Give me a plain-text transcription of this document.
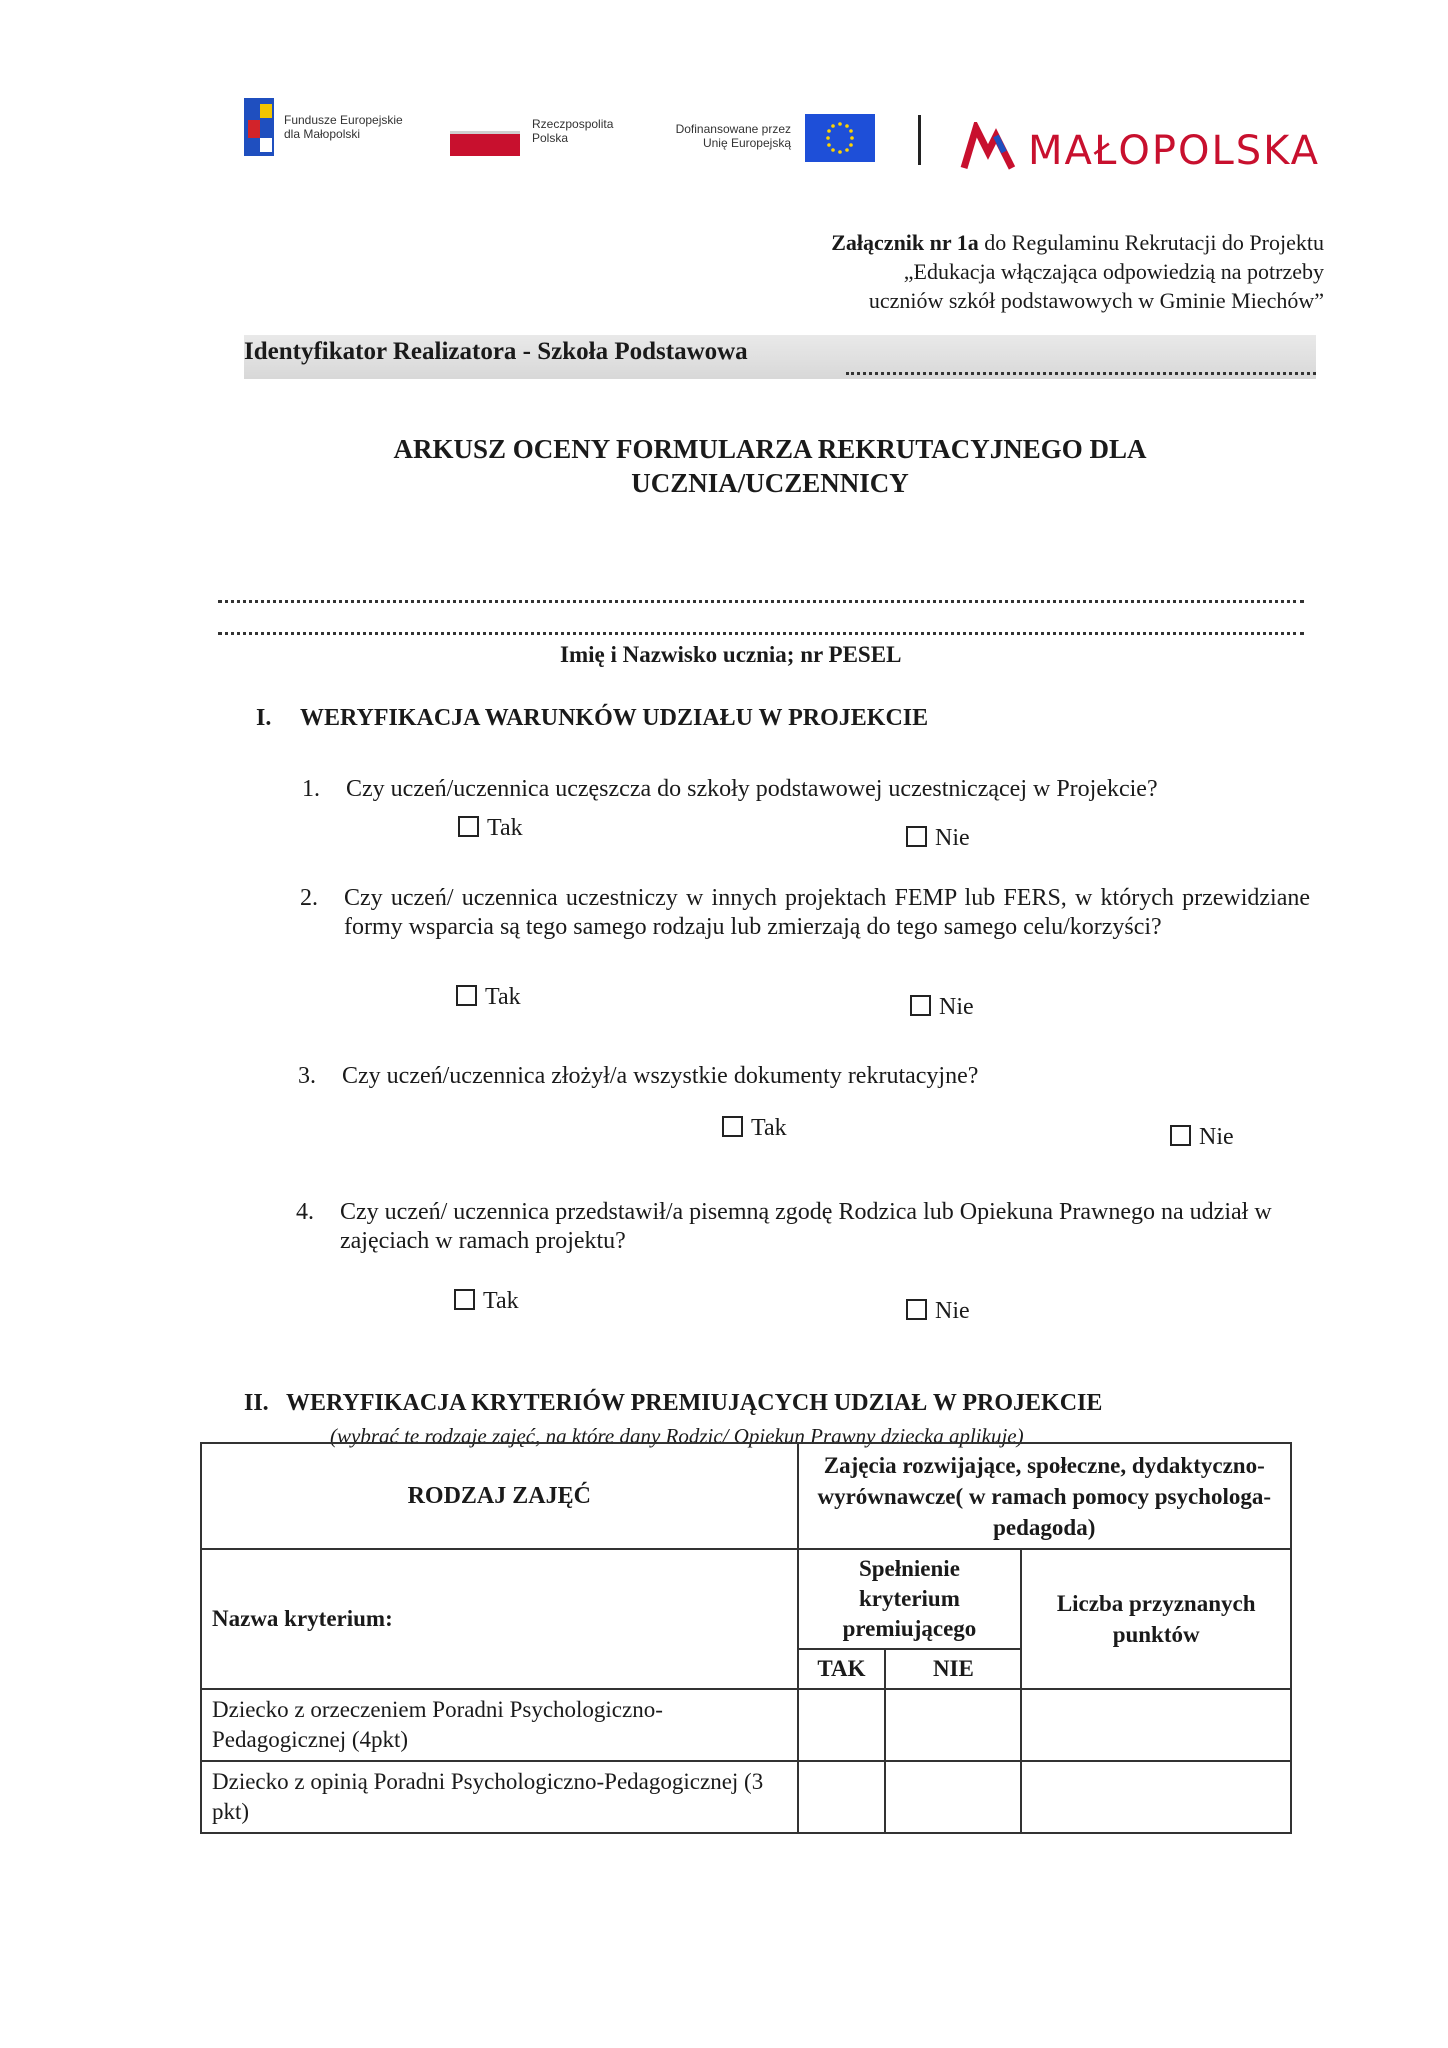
Fundusze Europejskie
dla Małopolski
Rzeczpospolita
Polska
Dofinansowane przez
Unię Europejską	MAŁOPOLSKA
Załącznik nr 1a do Regulaminu Rekrutacji do Projektu
„Edukacja włączająca odpowiedzią na potrzeby
uczniów szkół podstawowych w Gminie Miechów”
Identyfikator Realizatora - Szkoła Podstawowa
ARKUSZ OCENY FORMULARZA REKRUTACYJNEGO DLA
UCZNIA/UCZENNICY
Imię i Nazwisko ucznia; nr PESEL
I. WERYFIKACJA WARUNKÓW UDZIAŁU W PROJEKCIE
1. Czy uczeń/uczennica uczęszcza do szkoły podstawowej uczestniczącej w Projekcie?
Tak	Nie
2. Czy uczeń/ uczennica uczestniczy w innych projektach FEMP lub FERS, w których przewidziane formy wsparcia są tego samego rodzaju lub zmierzają do tego samego celu/korzyści?
Tak	Nie
3. Czy uczeń/uczennica złożył/a wszystkie dokumenty rekrutacyjne?
Tak	Nie
4. Czy uczeń/ uczennica przedstawił/a pisemną zgodę Rodzica lub Opiekuna Prawnego na udział w zajęciach w ramach projektu?
Tak	Nie
II. WERYFIKACJA KRYTERIÓW PREMIUJĄCYCH UDZIAŁ W PROJEKCIE
(wybrać te rodzaje zajęć, na które dany Rodzic/ Opiekun Prawny dziecka aplikuje)
RODZAJ ZAJĘĆ	Zajęcia rozwijające, społeczne, dydaktyczno-wyrównawcze( w ramach pomocy psychologa- pedagoda)		
Nazwa kryterium:	Spełnienie kryterium premiującego		Liczba przyznanych punktów
	TAK	NIE	
Dziecko z orzeczeniem Poradni Psychologiczno-Pedagogicznej (4pkt)			
Dziecko z opinią Poradni Psychologiczno-Pedagogicznej (3 pkt)			
